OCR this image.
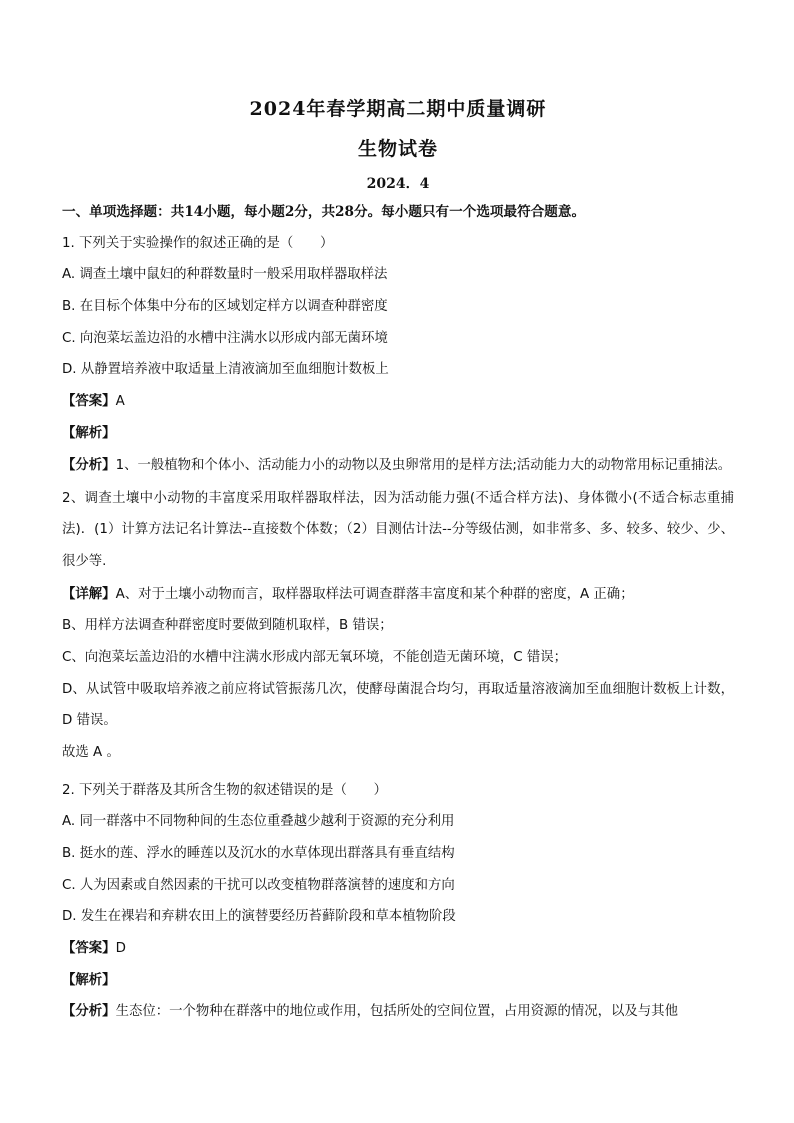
2024年春学期高二期中质量调研
生物试卷
2024．4
一、单项选择题：共14小题，每小题2分，共28分。每小题只有一个选项最符合题意。
1. 下列关于实验操作的叙述正确的是（　　）
A. 调查土壤中鼠妇的种群数量时一般采用取样器取样法
B. 在目标个体集中分布的区域划定样方以调查种群密度
C. 向泡菜坛盖边沿的水槽中注满水以形成内部无菌环境
D. 从静置培养液中取适量上清液滴加至血细胞计数板上
【答案】A
【解析】
【分析】1、一般植物和个体小、活动能力小的动物以及虫卵常用的是样方法;活动能力大的动物常用标记重捕法。
2、调查土壤中小动物的丰富度采用取样器取样法，因为活动能力强(不适合样方法)、身体微小(不适合标志重捕法)．(1）计算方法记名计算法--直接数个体数；（2）目测估计法--分等级估测，如非常多、多、较多、较少、少、很少等.
【详解】A、对于土壤小动物而言，取样器取样法可调查群落丰富度和某个种群的密度，A 正确；
B、用样方法调查种群密度时要做到随机取样，B 错误；
C、向泡菜坛盖边沿的水槽中注满水形成内部无氧环境，不能创造无菌环境，C 错误；
D、从试管中吸取培养液之前应将试管振荡几次，使酵母菌混合均匀，再取适量溶液滴加至血细胞计数板上计数，D 错误。
故选 A 。
2. 下列关于群落及其所含生物的叙述错误的是（　　）
A. 同一群落中不同物种间的生态位重叠越少越利于资源的充分利用
B. 挺水的莲、浮水的睡莲以及沉水的水草体现出群落具有垂直结构
C. 人为因素或自然因素的干扰可以改变植物群落演替的速度和方向
D. 发生在裸岩和弃耕农田上的演替要经历苔藓阶段和草本植物阶段
【答案】D
【解析】
【分析】生态位：一个物种在群落中的地位或作用，包括所处的空间位置，占用资源的情况，以及与其他
